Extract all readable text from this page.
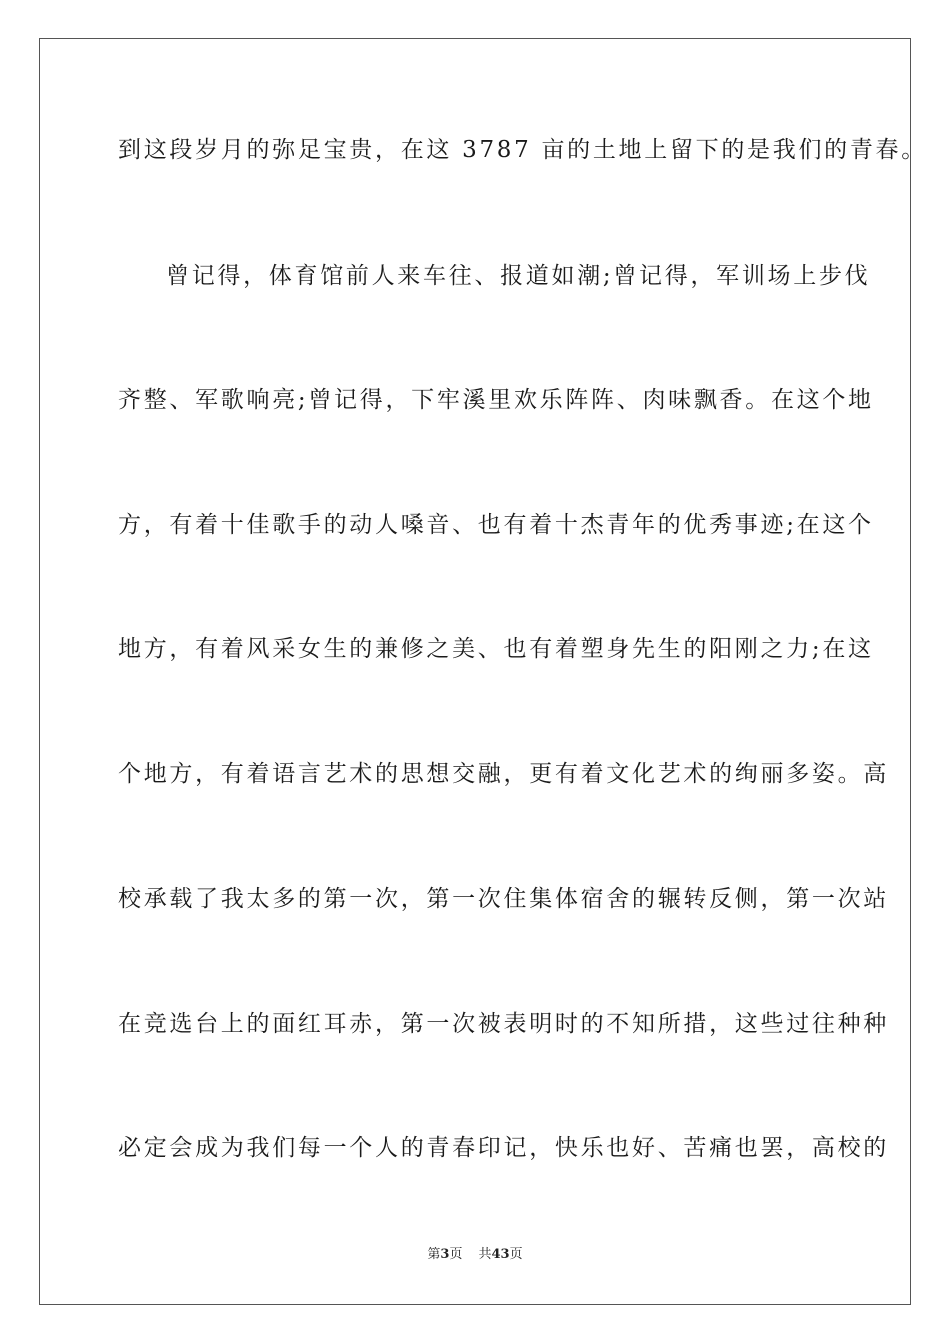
到这段岁月的弥足宝贵，在这 3787 亩的土地上留下的是我们的青春。
曾记得，体育馆前人来车往、报道如潮;曾记得，军训场上步伐
齐整、军歌响亮;曾记得，下牢溪里欢乐阵阵、肉味飘香。在这个地
方，有着十佳歌手的动人嗓音、也有着十杰青年的优秀事迹;在这个
地方，有着风采女生的兼修之美、也有着塑身先生的阳刚之力;在这
个地方，有着语言艺术的思想交融，更有着文化艺术的绚丽多姿。高
校承载了我太多的第一次，第一次住集体宿舍的辗转反侧，第一次站
在竞选台上的面红耳赤，第一次被表明时的不知所措，这些过往种种
必定会成为我们每一个人的青春印记，快乐也好、苦痛也罢，高校的
第3页 共43页
